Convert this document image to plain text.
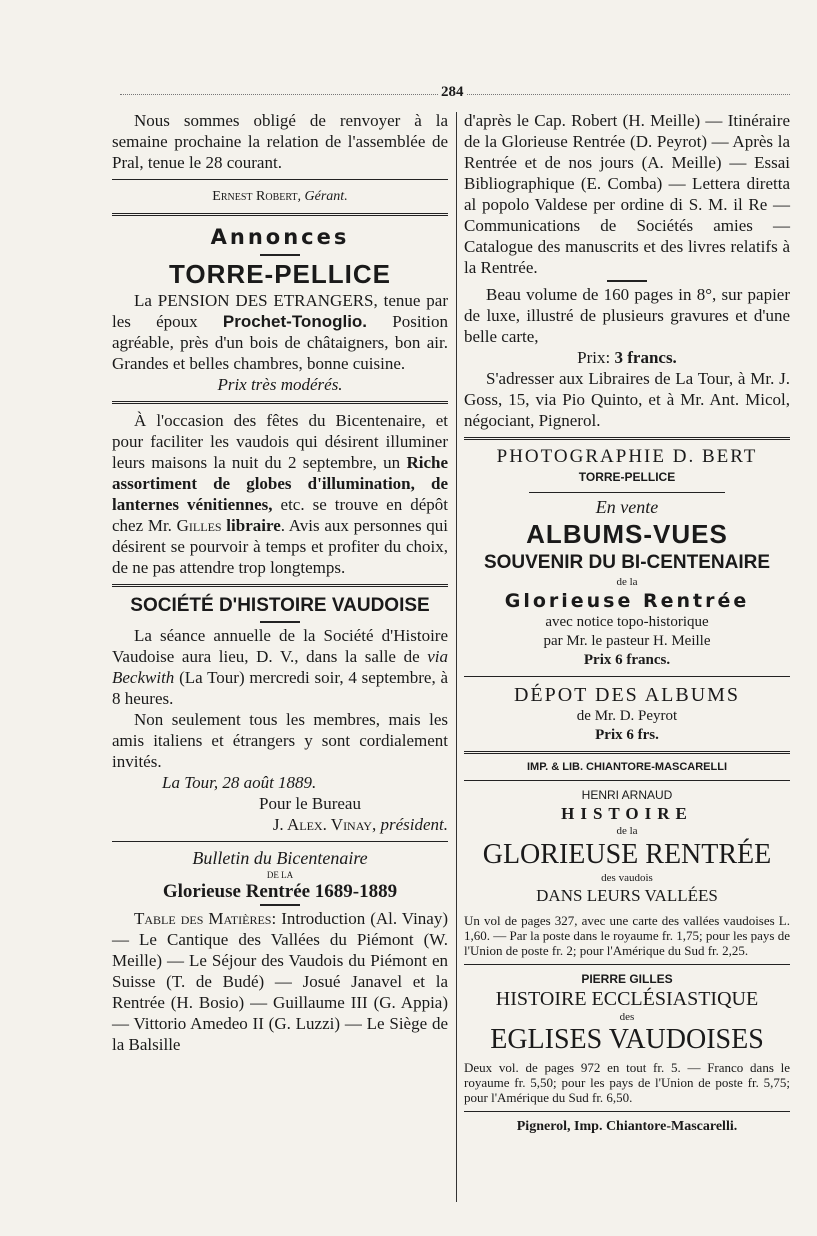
284

Nous sommes obligé de renvoyer à la semaine prochaine la relation de l'assemblée de Pral, tenue le 28 courant.

Ernest Robert, Gérant.

Annonces

TORRE-PELLICE

La PENSION DES ETRANGERS, tenue par les époux Prochet-Tonoglio. Position agréable, près d'un bois de châtaigners, bon air. Grandes et belles chambres, bonne cuisine.

Prix très modérés.

À l'occasion des fêtes du Bicentenaire, et pour faciliter les vaudois qui désirent illuminer leurs maisons la nuit du 2 septembre, un Riche assortiment de globes d'illumination, de lanternes vénitiennes, etc. se trouve en dépôt chez Mr. Gilles libraire. Avis aux personnes qui désirent se pourvoir à temps et profiter du choix, de ne pas attendre trop longtemps.

SOCIÉTÉ D'HISTOIRE VAUDOISE

La séance annuelle de la Société d'Histoire Vaudoise aura lieu, D. V., dans la salle de via Beckwith (La Tour) mercredi soir, 4 septembre, à 8 heures.

Non seulement tous les membres, mais les amis italiens et étrangers y sont cordialement invités.

La Tour, 28 août 1889.

Pour le Bureau

J. Alex. Vinay, président.

Bulletin du Bicentenaire

DE LA

Glorieuse Rentrée 1689-1889

Table des Matières: Introduction (Al. Vinay) — Le Cantique des Vallées du Piémont (W. Meille) — Le Séjour des Vaudois du Piémont en Suisse (T. de Budé) — Josué Janavel et la Rentrée (H. Bosio) — Guillaume III (G. Appia) — Vittorio Amedeo II (G. Luzzi) — Le Siège de la Balsille

d'après le Cap. Robert (H. Meille) — Itinéraire de la Glorieuse Rentrée (D. Peyrot) — Après la Rentrée et de nos jours (A. Meille) — Essai Bibliographique (E. Comba) — Lettera diretta al popolo Valdese per ordine di S. M. il Re — Communications de Sociétés amies — Catalogue des manuscrits et des livres relatifs à la Rentrée.

Beau volume de 160 pages in 8°, sur papier de luxe, illustré de plusieurs gravures et d'une belle carte,

Prix: 3 francs.

S'adresser aux Libraires de La Tour, à Mr. J. Goss, 15, via Pio Quinto, et à Mr. Ant. Micol, négociant, Pignerol.

PHOTOGRAPHIE D. BERT

TORRE-PELLICE

En vente

ALBUMS-VUES

SOUVENIR DU BI-CENTENAIRE

de la

Glorieuse Rentrée

avec notice topo-historique

par Mr. le pasteur H. Meille

Prix 6 francs.

DÉPOT DES ALBUMS

de Mr. D. Peyrot

Prix 6 frs.

IMP. & LIB. CHIANTORE-MASCARELLI

HENRI ARNAUD

HISTOIRE

de la

GLORIEUSE RENTRÉE

des vaudois

DANS LEURS VALLÉES

Un vol de pages 327, avec une carte des vallées vaudoises L. 1,60. — Par la poste dans le royaume fr. 1,75; pour les pays de l'Union de poste fr. 2; pour l'Amérique du Sud fr. 2,25.

PIERRE GILLES

HISTOIRE ECCLÉSIASTIQUE

des

EGLISES VAUDOISES

Deux vol. de pages 972 en tout fr. 5. — Franco dans le royaume fr. 5,50; pour les pays de l'Union de poste fr. 5,75; pour l'Amérique du Sud fr. 6,50.

Pignerol, Imp. Chiantore-Mascarelli.
